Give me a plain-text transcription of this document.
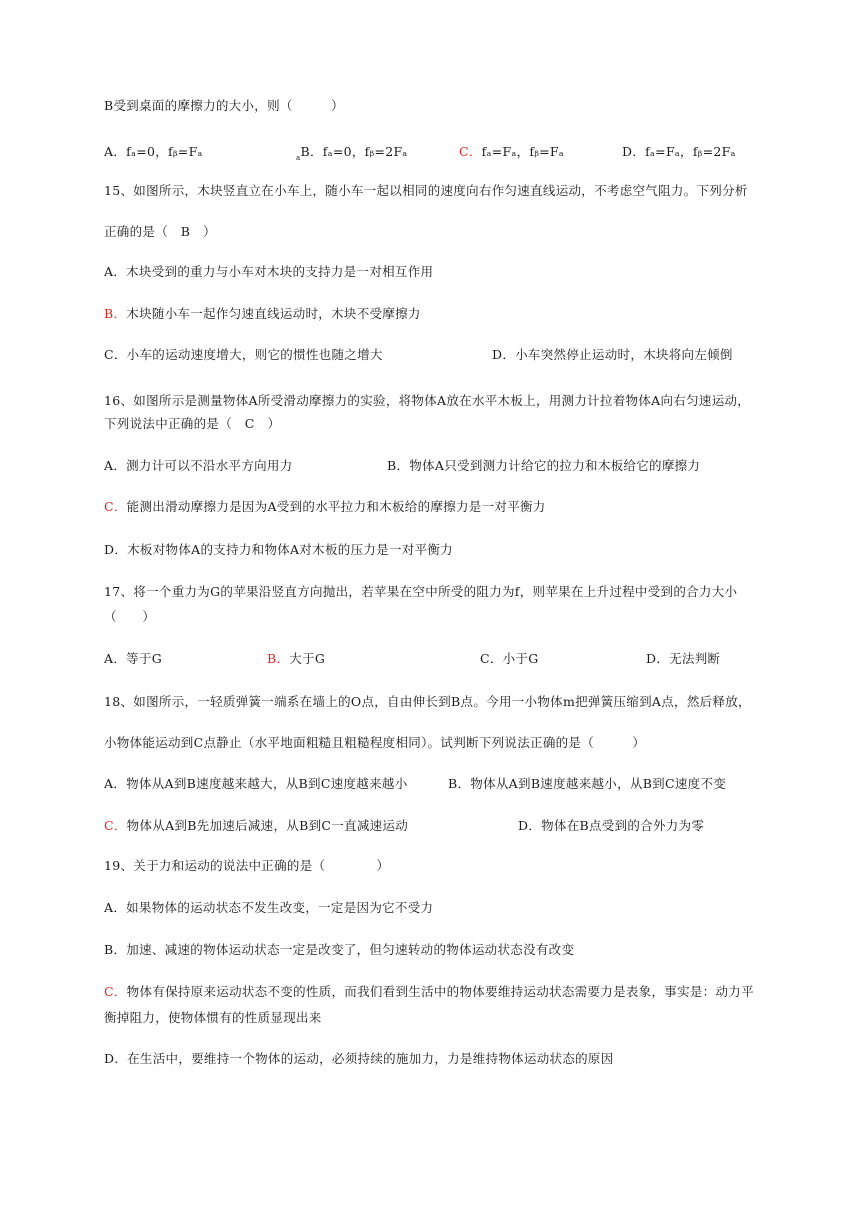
B受到桌面的摩擦力的大小，则（　　　）
A．fₐ=0，fᵦ=Fₐ	$_a$B．fₐ=0，fᵦ=2Fₐ	C．fₐ=Fₐ，fᵦ=Fₐ	D．fₐ=Fₐ，fᵦ=2Fₐ
15、如图所示，木块竖直立在小车上，随小车一起以相同的速度向右作匀速直线运动，不考虑空气阻力。下列分析
正确的是（　B　）
A．木块受到的重力与小车对木块的支持力是一对相互作用
B．木块随小车一起作匀速直线运动时，木块不受摩擦力
C．小车的运动速度增大，则它的惯性也随之增大	D．小车突然停止运动时，木块将向左倾倒
16、如图所示是测量物体A所受滑动摩擦力的实验，将物体A放在水平木板上，用测力计拉着物体A向右匀速运动，
下列说法中正确的是（　C　）
A．测力计可以不沿水平方向用力	B．物体A只受到测力计给它的拉力和木板给它的摩擦力
C．能测出滑动摩擦力是因为A受到的水平拉力和木板给的摩擦力是一对平衡力
D．木板对物体A的支持力和物体A对木板的压力是一对平衡力
17、将一个重力为G的苹果沿竖直方向抛出，若苹果在空中所受的阻力为f，则苹果在上升过程中受到的合力大小
（　　）
A．等于G	B．大于G	C．小于G	D．无法判断
18、如图所示，一轻质弹簧一端系在墙上的O点，自由伸长到B点。今用一小物体m把弹簧压缩到A点，然后释放，
小物体能运动到C点静止（水平地面粗糙且粗糙程度相同）。试判断下列说法正确的是（　　　）
A．物体从A到B速度越来越大，从B到C速度越来越小	B．物体从A到B速度越来越小，从B到C速度不变
C．物体从A到B先加速后减速，从B到C一直减速运动	D．物体在B点受到的合外力为零
19、关于力和运动的说法中正确的是（　　　　）
A．如果物体的运动状态不发生改变，一定是因为它不受力
B．加速、减速的物体运动状态一定是改变了，但匀速转动的物体运动状态没有改变
C．物体有保持原来运动状态不变的性质，而我们看到生活中的物体要维持运动状态需要力是表象，事实是：动力平
衡掉阻力，使物体惯有的性质显现出来
D．在生活中，要维持一个物体的运动，必须持续的施加力，力是维持物体运动状态的原因
